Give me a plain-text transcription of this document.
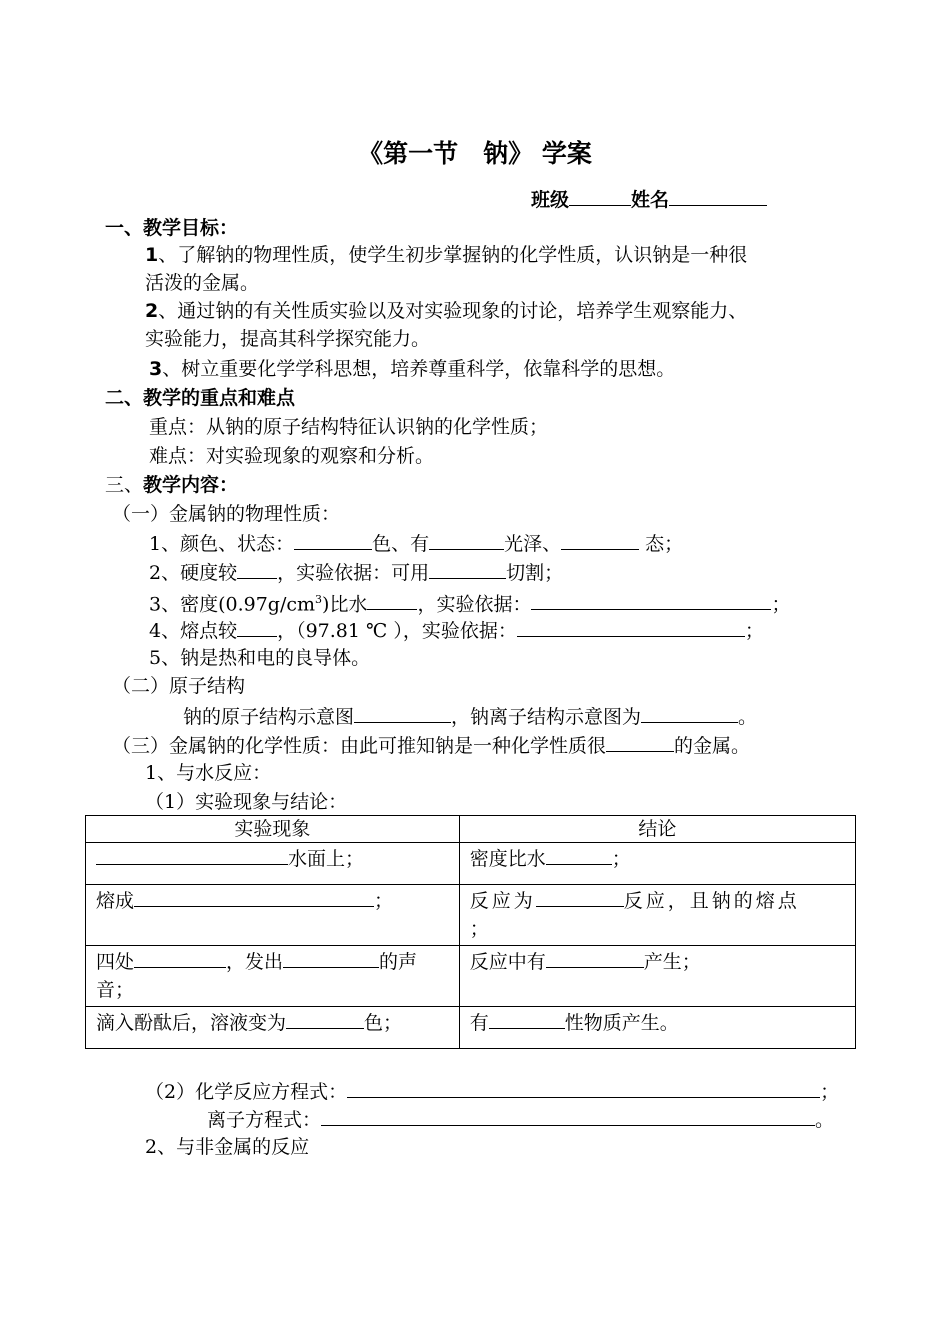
《第一节　钠》 学案
班级	姓名
一、教学目标：
1、了解钠的物理性质，使学生初步掌握钠的化学性质，认识钠是一种很
活泼的金属。
2、通过钠的有关性质实验以及对实验现象的讨论，培养学生观察能力、
实验能力，提高其科学探究能力。
3、树立重要化学学科思想，培养尊重科学，依靠科学的思想。
二、教学的重点和难点
重点：从钠的原子结构特征认识钠的化学性质；
难点：对实验现象的观察和分析。
三、教学内容：
（一）金属钠的物理性质：
1、颜色、状态：	色、有	光泽、	态；
2、硬度较 ，实验依据：可用	切割；
3、密度$(0.97g/cm^3)$比水	，实验依据：	；
4、熔点较 ，（97.81 ℃ ），实验依据：	；
5、钠是热和电的良导体。
（二）原子结构
钠的原子结构示意图	，钠离子结构示意图为	。
（三）金属钠的化学性质：由此可推知钠是一种化学性质很	的金属。
1、与水反应：
（1）实验现象与结论：
实验现象	结论
水面上；	密度比水 ；
熔成 ；	反应为 反应，且钠的熔点
；
四处 ，发出 的声
音；	反应中有 产生；
滴入酚酞后，溶液变为 色；	有 性物质产生。
（2）化学反应方程式：	；
离子方程式：	。
2、与非金属的反应
